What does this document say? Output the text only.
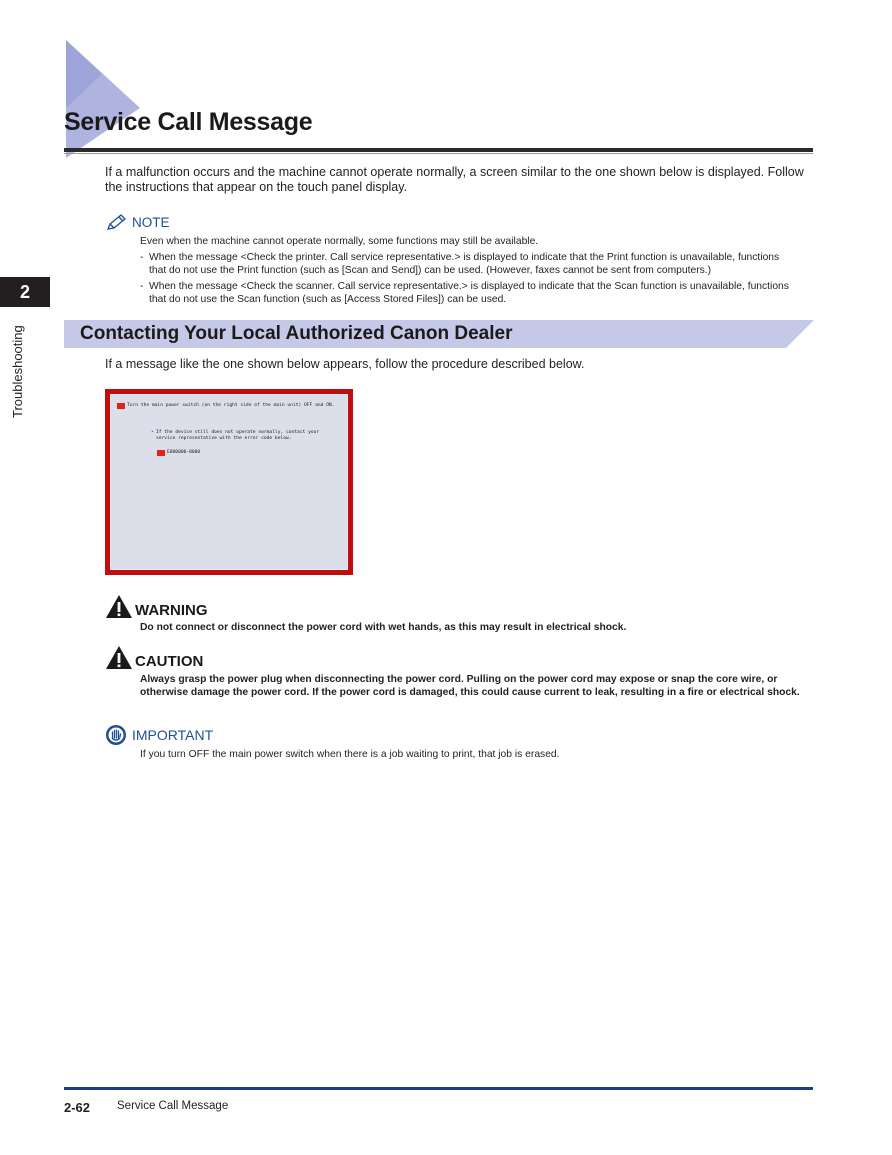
Service Call Message
2
Troubleshooting

If a malfunction occurs and the machine cannot operate normally, a screen similar to the one shown below is displayed. Follow the instructions that appear on the touch panel display.

NOTE
Even when the machine cannot operate normally, some functions may still be available.
- When the message <Check the printer. Call service representative.> is displayed to indicate that the Print function is unavailable, functions
that do not use the Print function (such as [Scan and Send]) can be used. (However, faxes cannot be sent from computers.)
- When the message <Check the scanner. Call service representative.> is displayed to indicate that the Scan function is unavailable, functions
that do not use the Scan function (such as [Access Stored Files]) can be used.
Contacting Your Local Authorized Canon Dealer

If a message like the one shown below appears, follow the procedure described below.

Turn the main power switch (on the right side of the main unit) OFF and ON.
• If the device still does not operate normally, contact your
service representative with the error code below.
E000000-0000
WARNING

Do not connect or disconnect the power cord with wet hands, as this may result in electrical shock.

CAUTION

Always grasp the power plug when disconnecting the power cord. Pulling on the power cord may expose or snap the core wire, or otherwise damage the power cord. If the power cord is damaged, this could cause current to leak, resulting in a fire or electrical shock.

IMPORTANT

If you turn OFF the main power switch when there is a job waiting to print, that job is erased.

2-62 Service Call Message
